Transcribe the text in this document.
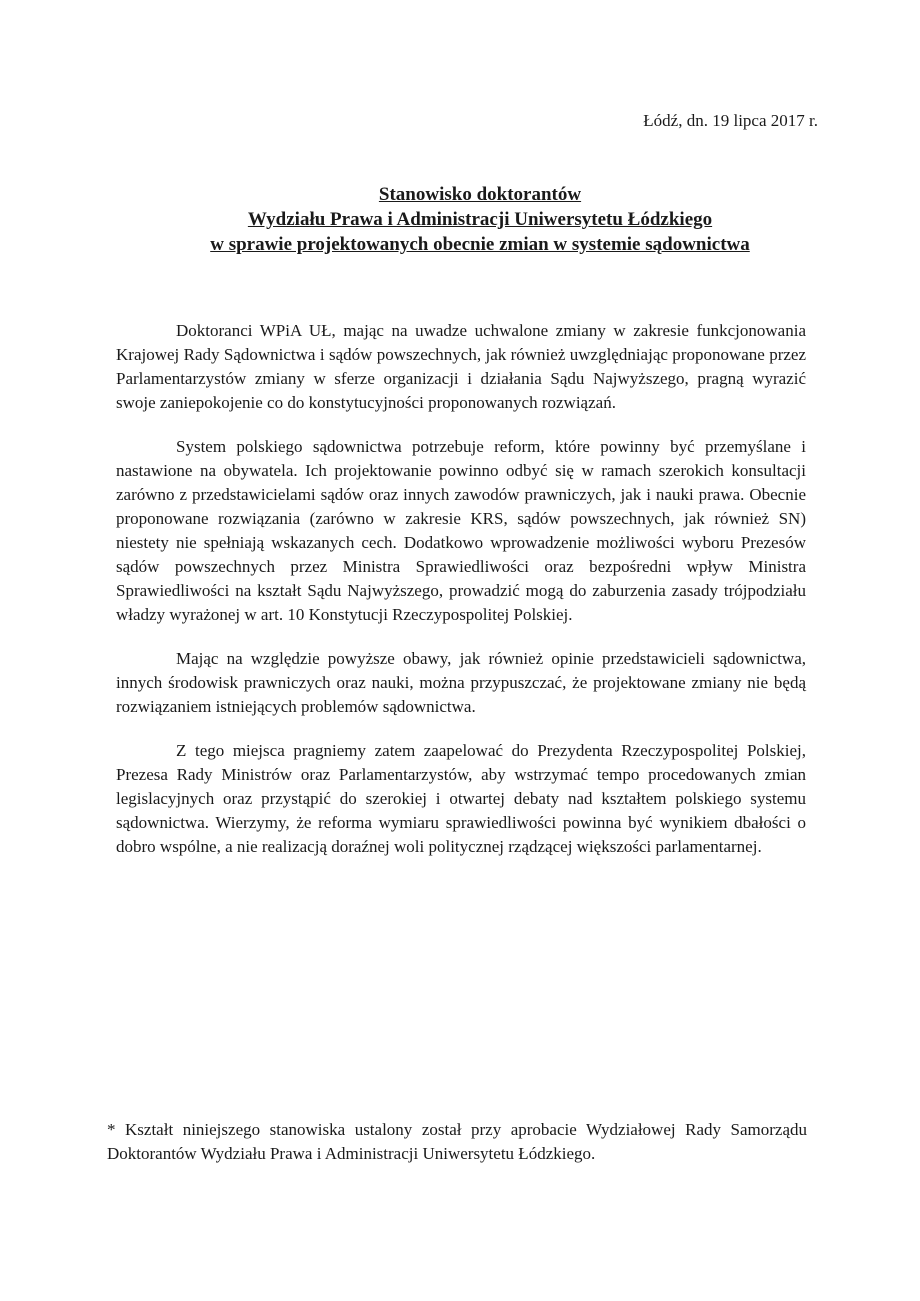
Łódź, dn. 19 lipca 2017 r.
Stanowisko doktorantów
Wydziału Prawa i Administracji Uniwersytetu Łódzkiego
w sprawie projektowanych obecnie zmian w systemie sądownictwa

Doktoranci WPiA UŁ, mając na uwadze uchwalone zmiany w zakresie funkcjonowania Krajowej Rady Sądownictwa i sądów powszechnych, jak również uwzględniając proponowane przez Parlamentarzystów zmiany w sferze organizacji i działania Sądu Najwyższego, pragną wyrazić swoje zaniepokojenie co do konstytucyjności proponowanych rozwiązań.

System polskiego sądownictwa potrzebuje reform, które powinny być przemyślane i nastawione na obywatela. Ich projektowanie powinno odbyć się w ramach szerokich konsultacji zarówno z przedstawicielami sądów oraz innych zawodów prawniczych, jak i nauki prawa. Obecnie proponowane rozwiązania (zarówno w zakresie KRS, sądów powszechnych, jak również SN) niestety nie spełniają wskazanych cech. Dodatkowo wprowadzenie możliwości wyboru Prezesów sądów powszechnych przez Ministra Sprawiedliwości oraz bezpośredni wpływ Ministra Sprawiedliwości na kształt Sądu Najwyższego, prowadzić mogą do zaburzenia zasady trójpodziału władzy wyrażonej w art. 10 Konstytucji Rzeczypospolitej Polskiej.

Mając na względzie powyższe obawy, jak również opinie przedstawicieli sądownictwa, innych środowisk prawniczych oraz nauki, można przypuszczać, że projektowane zmiany nie będą rozwiązaniem istniejących problemów sądownictwa.

Z tego miejsca pragniemy zatem zaapelować do Prezydenta Rzeczypospolitej Polskiej, Prezesa Rady Ministrów oraz Parlamentarzystów, aby wstrzymać tempo procedowanych zmian legislacyjnych oraz przystąpić do szerokiej i otwartej debaty nad kształtem polskiego systemu sądownictwa. Wierzymy, że reforma wymiaru sprawiedliwości powinna być wynikiem dbałości o dobro wspólne, a nie realizacją doraźnej woli politycznej rządzącej większości parlamentarnej.

* Kształt niniejszego stanowiska ustalony został przy aprobacie Wydziałowej Rady Samorządu Doktorantów Wydziału Prawa i Administracji Uniwersytetu Łódzkiego.
